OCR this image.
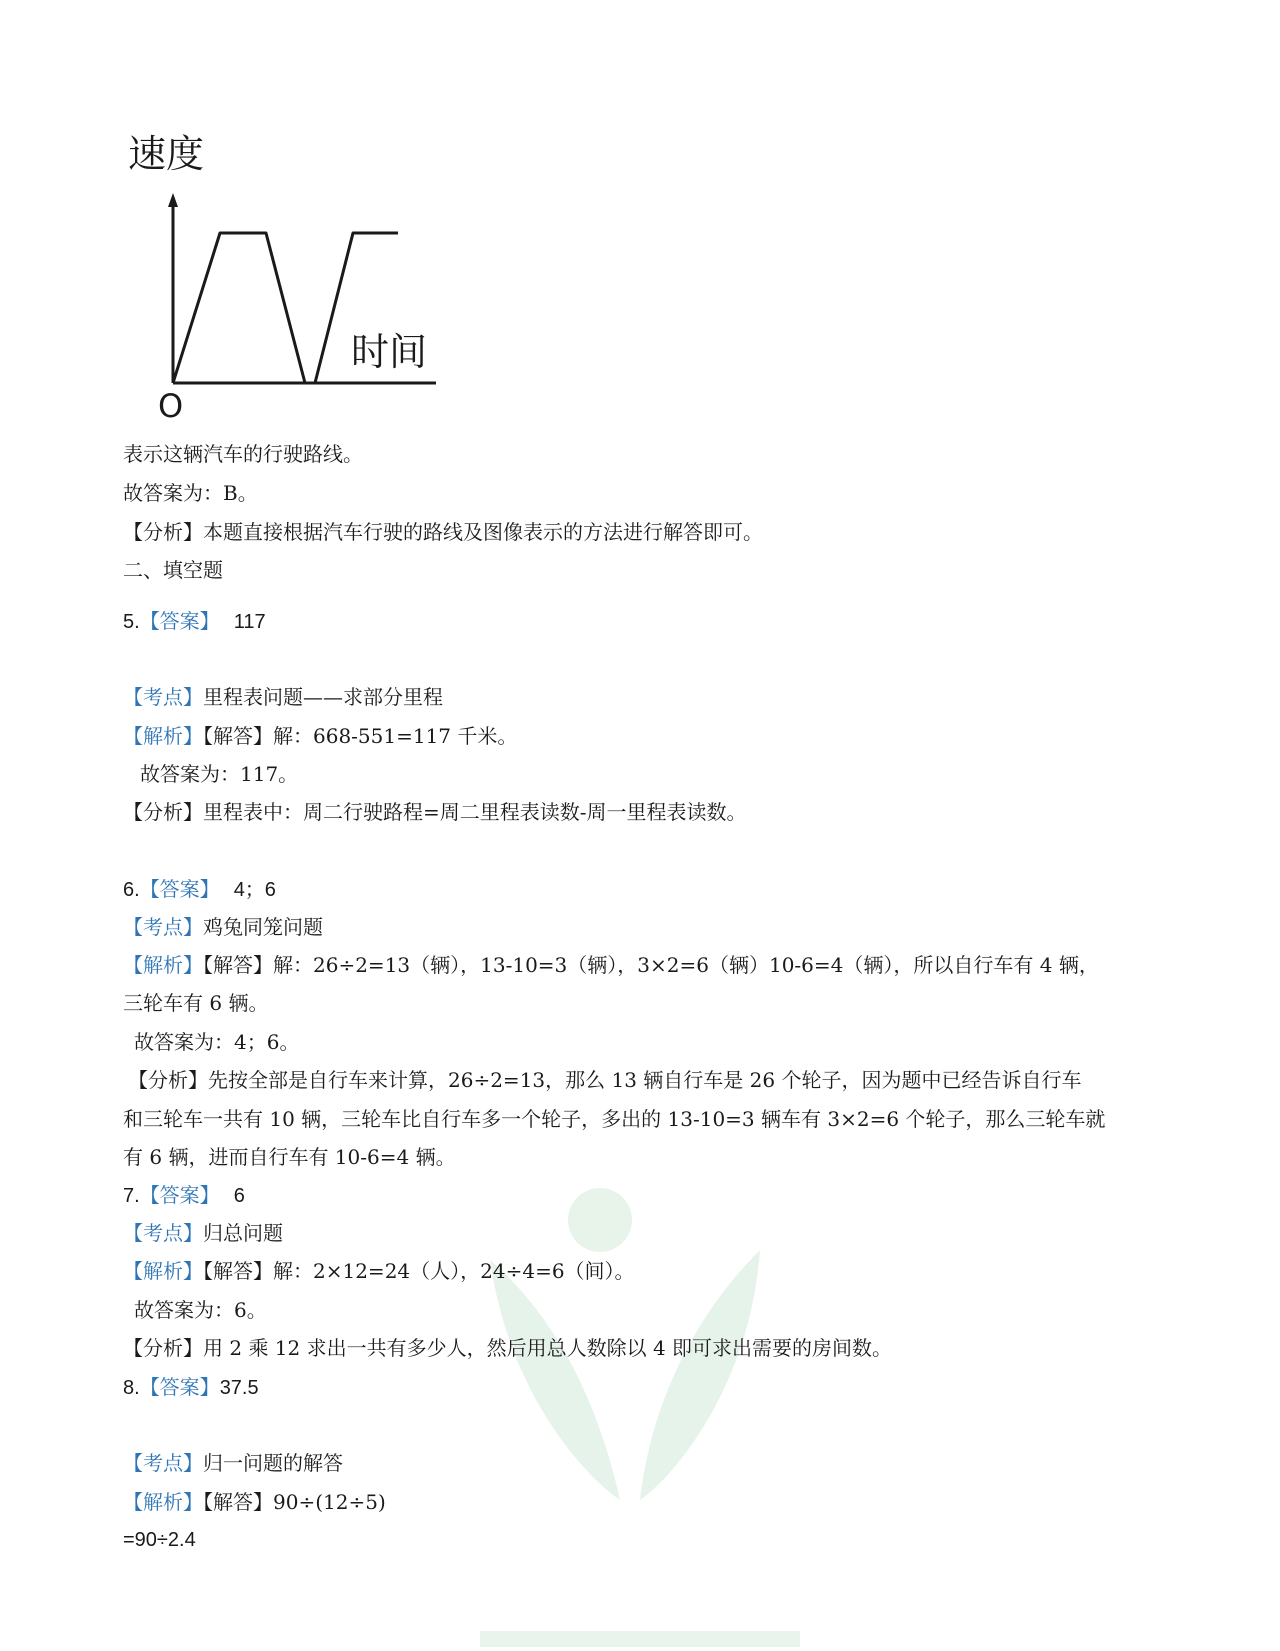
速度
时间
O
表示这辆汽车的行驶路线。
故答案为：B。
【分析】本题直接根据汽车行驶的路线及图像表示的方法进行解答即可。
二、填空题
5.【答案】 117
【考点】里程表问题——求部分里程
【解析】【解答】解：668-551=117 千米。
故答案为：117。
【分析】里程表中：周二行驶路程=周二里程表读数-周一里程表读数。
6.【答案】 4；6
【考点】鸡兔同笼问题
【解析】【解答】解：26÷2=13（辆），13-10=3（辆），3×2=6（辆）10-6=4（辆），所以自行车有 4 辆，
三轮车有 6 辆。
故答案为：4；6。
【分析】先按全部是自行车来计算，26÷2=13，那么 13 辆自行车是 26 个轮子，因为题中已经告诉自行车
和三轮车一共有 10 辆，三轮车比自行车多一个轮子，多出的 13-10=3 辆车有 3×2=6 个轮子，那么三轮车就
有 6 辆，进而自行车有 10-6=4 辆。
7.【答案】 6
【考点】归总问题
【解析】【解答】解：2×12=24（人），24÷4=6（间）。
故答案为：6。
【分析】用 2 乘 12 求出一共有多少人，然后用总人数除以 4 即可求出需要的房间数。
8.【答案】37.5
【考点】归一问题的解答
【解析】【解答】90÷(12÷5)
=90÷2.4
